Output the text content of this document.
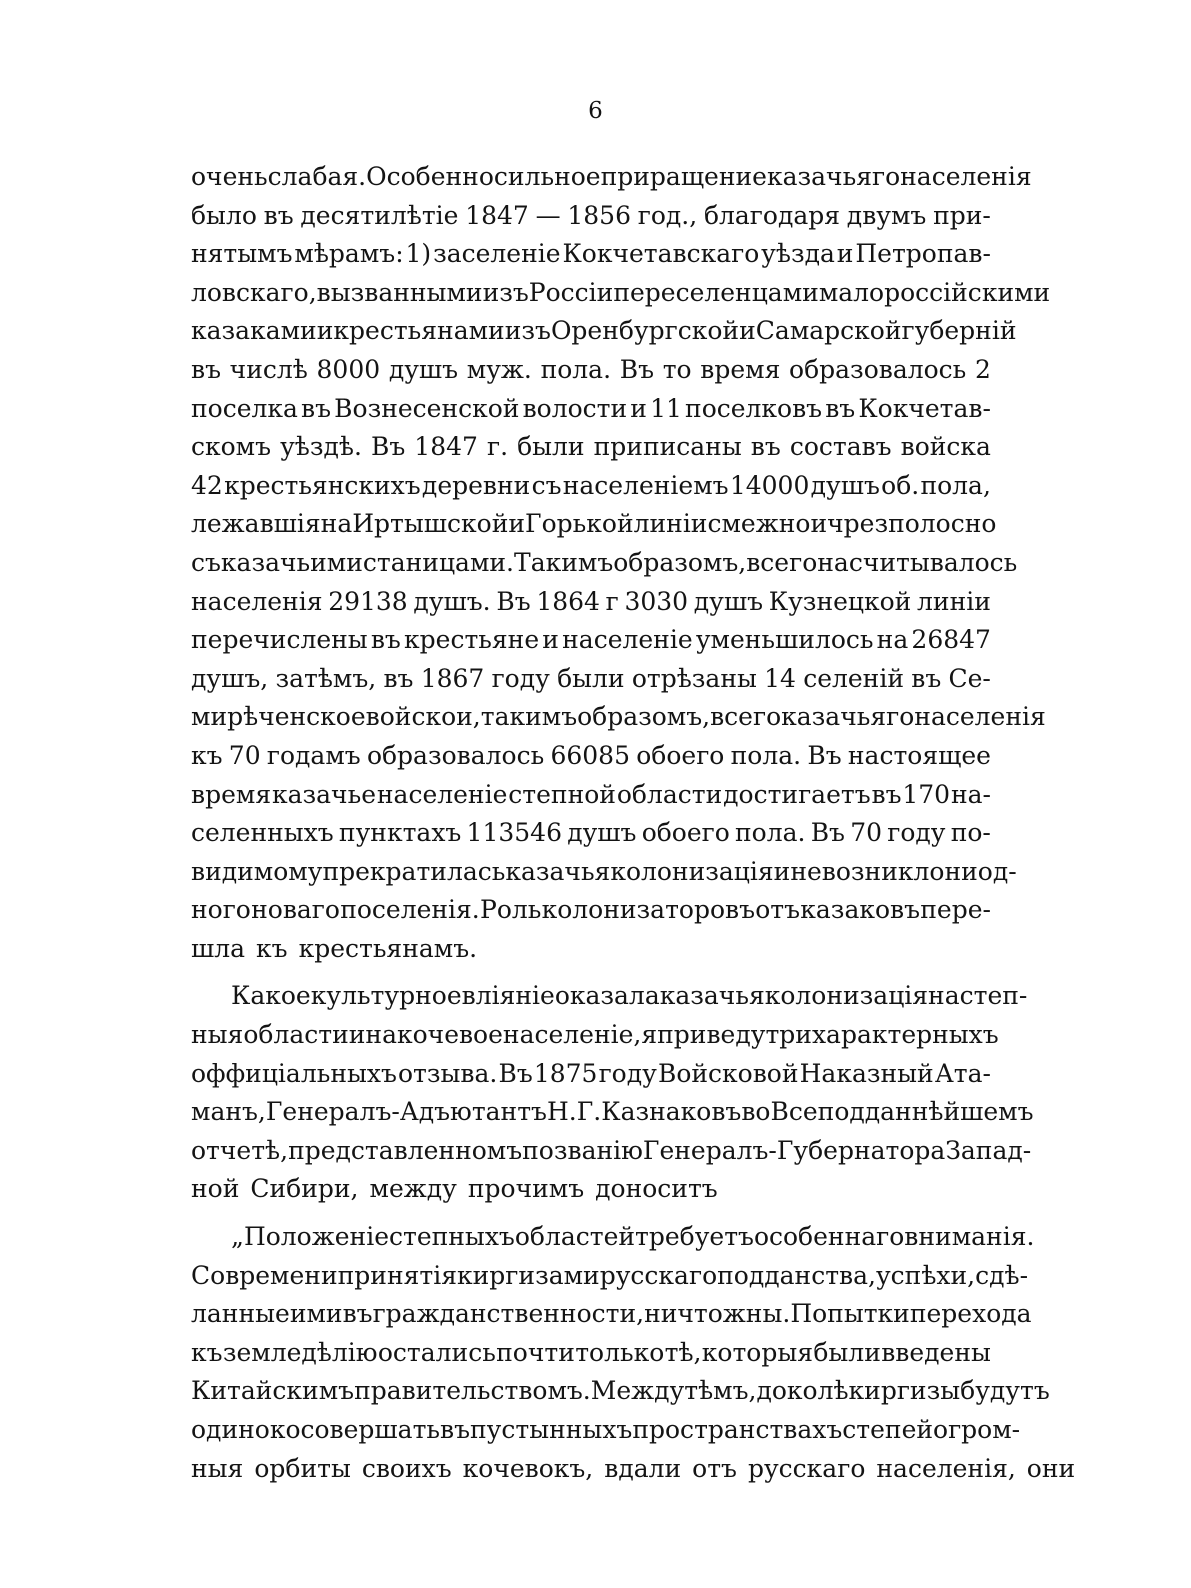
6
очень слабая. Особенно сильное приращение казачьяго населенія
было въ десятилѣтіе 1847 — 1856 год., благодаря двумъ при-
нятымъ мѣрамъ: 1) заселеніе Кокчетавскаго уѣзда и Петропав-
ловскаго, вызванными изъ Россіи переселенцами малороссійскими
казаками и крестьянами изъ Оренбургской и Самарской губерній
въ числѣ 8000 душъ муж. пола. Въ то время образовалось 2
поселка въ Вознесенской волости и 11 поселковъ въ Кокчетав-
скомъ уѣздѣ. Въ 1847 г. были приписаны въ составъ войска
42 крестьянскихъ деревни съ населеніемъ 14000 душъ об. пола,
лежавшія на Иртышской и Горькой линіи смежно и чрезполосно
съ казачьими станицами. Такимъ образомъ, всего насчитывалось
населенія 29138 душъ. Въ 1864 г 3030 душъ Кузнецкой линіи
перечислены въ крестьяне и населеніе уменьшилось на 26847
душъ, затѣмъ, въ 1867 году были отрѣзаны 14 селеній въ Се-
мирѣченское войско и, такимъ образомъ, всего казачьяго населенія
къ 70 годамъ образовалось 66085 обоего пола. Въ настоящее
время казачье населеніе степной области достигаетъ въ 170 на-
селенныхъ пунктахъ 113546 душъ обоего пола. Въ 70 году по-
видимому прекратилась казачья колонизація и не возникло ни од-
ного новаго поселенія. Роль колонизаторовъ отъ казаковъ пере-
шла къ крестьянамъ.
Какое культурное вліяніе оказала казачья колонизація на степ-
ныя области и на кочевое населеніе, я приведу три характерныхъ
оффиціальныхъ отзыва. Въ 1875 году Войсковой Наказный Ата-
манъ, Генералъ-Адъютантъ Н. Г. Казнаковъ во Всеподданнѣйшемъ
отчетѣ, представленномъ по званію Генералъ-Губернатора Запад-
ной Сибири, между прочимъ доноситъ
„Положеніе степныхъ областей требуетъ особеннаго вниманія.
Со времени принятія киргизами русскаго подданства, успѣхи, сдѣ-
ланные ими въ гражданственности, ничтожны. Попытки перехода
къ земледѣлію остались почти только тѣ, которыя были введены
Китайскимъ правительствомъ. Между тѣмъ, доколѣ киргизы будутъ
одиноко совершать въ пустынныхъ пространствахъ степей огром-
ныя орбиты своихъ кочевокъ, вдали отъ русскаго населенія, они
